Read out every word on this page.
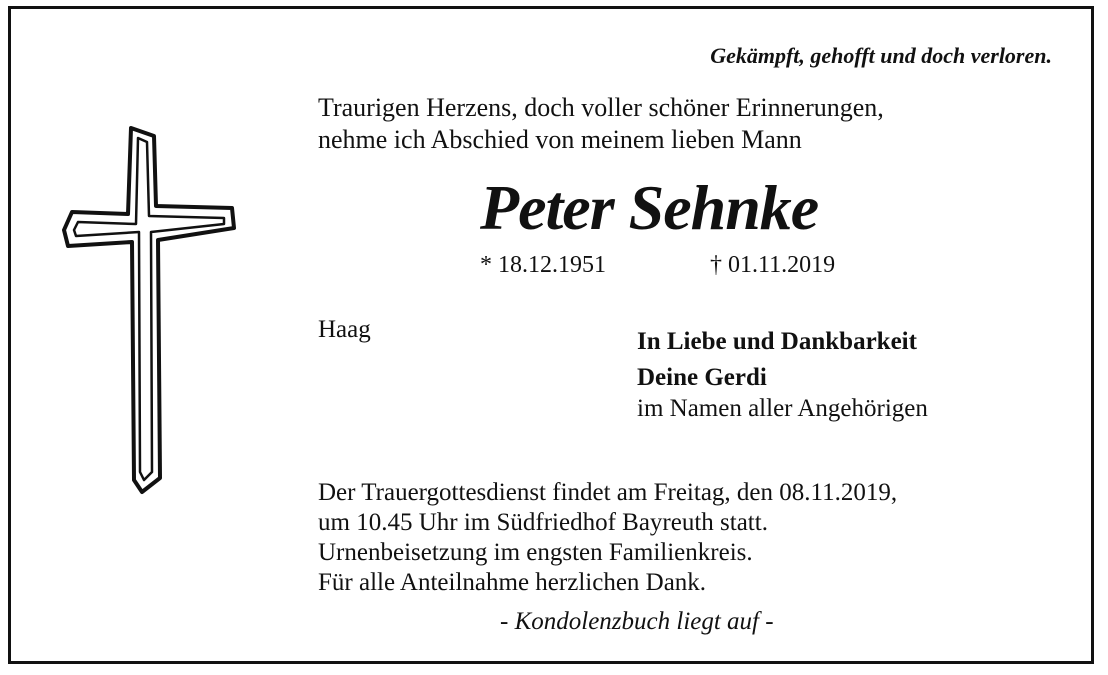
Gekämpft, gehofft und doch verloren.
Traurigen Herzens, doch voller schöner Erinnerungen,
nehme ich Abschied von meinem lieben Mann
Peter Sehnke
* 18.12.1951	† 01.11.2019
Haag	In Liebe und Dankbarkeit
Deine Gerdi
im Namen aller Angehörigen
Der Trauergottesdienst findet am Freitag, den 08.11.2019,
um 10.45 Uhr im Südfriedhof Bayreuth statt.
Urnenbeisetzung im engsten Familienkreis.
Für alle Anteilnahme herzlichen Dank.
- Kondolenzbuch liegt auf -
